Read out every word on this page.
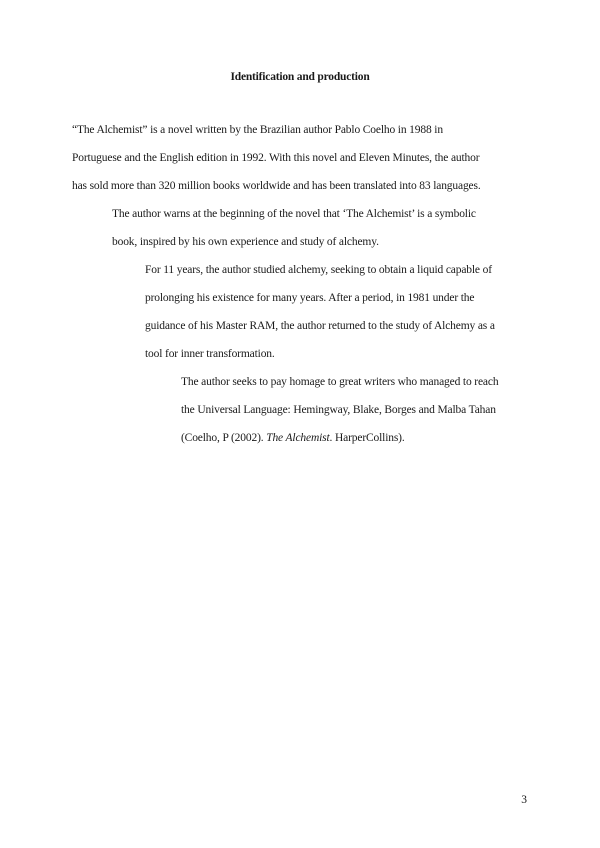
Identification and production

“The Alchemist” is a novel written by the Brazilian author Pablo Coelho in 1988 in
Portuguese and the English edition in 1992. With this novel and Eleven Minutes, the author
has sold more than 320 million books worldwide and has been translated into 83 languages.

The author warns at the beginning of the novel that ‘The Alchemist’ is a symbolic
book, inspired by his own experience and study of alchemy.

For 11 years, the author studied alchemy, seeking to obtain a liquid capable of
prolonging his existence for many years. After a period, in 1981 under the
guidance of his Master RAM, the author returned to the study of Alchemy as a
tool for inner transformation.

The author seeks to pay homage to great writers who managed to reach
the Universal Language: Hemingway, Blake, Borges and Malba Tahan
(Coelho, P (2002). The Alchemist. HarperCollins).

3
